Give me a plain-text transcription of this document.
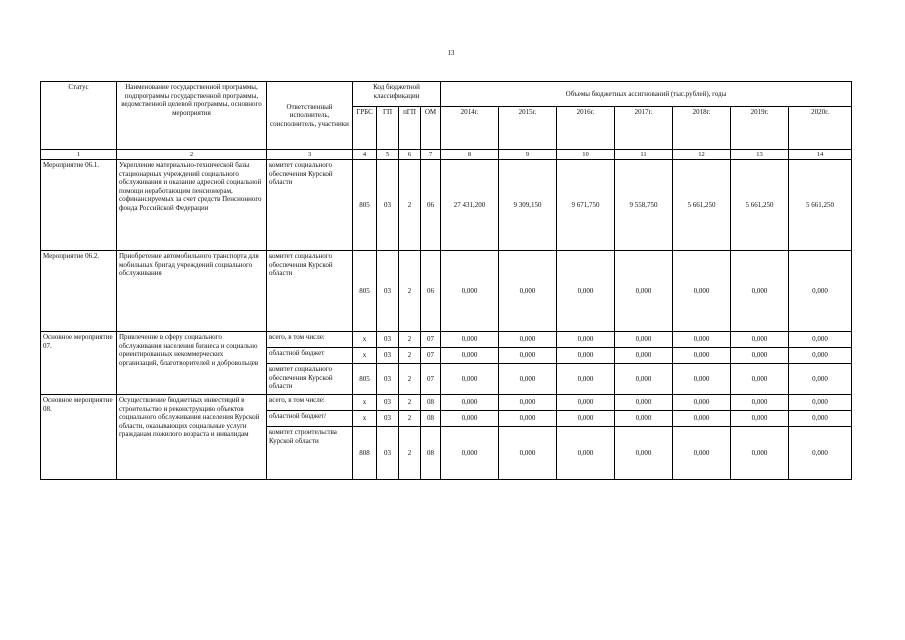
13
Статус	Наименование государственной программы, подпрограммы государственной программы, ведомственной целевой программы, основного мероприятия	Ответственный исполнитель, соисполнитель, участники	Код бюджетной классификации				Объемы бюджетных ассигнований (тыс.рублей), годы						
			ГРБС	ГП	пГП	ОМ	2014г.	2015г.	2016г.	2017г.	2018г.	2019г.	2020г.
1	2	3	4	5	6	7	8	9	10	11	12	13	14
Мероприятие 06.1.	Укрепление материально-технической базы стационарных учреждений социального обслуживания и оказание адресной социальной помощи неработающим пенсионерам, софинансируемых за счет средств Пенсионного фонда Российской Федерации	комитет социального обеспечения Курской области	805	03	2	06	27 431,200	9 309,150	9 671,750	9 558,750	5 661,250	5 661,250	5 661,250
Мероприятие 06.2.	Приобретение автомобильного транспорта для мобильных бригад учреждений социального обслуживания	комитет социального обеспечения Курской области	805	03	2	06	0,000	0,000	0,000	0,000	0,000	0,000	0,000
Основное мероприятие 07.	Привлечение в сферу социального обслуживания населения бизнеса и социально ориентированных некоммерческих организаций, благотворителей и добровольцев	всего, в том числе:	x	03	2	07	0,000	0,000	0,000	0,000	0,000	0,000	0,000
		областной бюджет	x	03	2	07	0,000	0,000	0,000	0,000	0,000	0,000	0,000
		комитет социального обеспечения Курской области	805	03	2	07	0,000	0,000	0,000	0,000	0,000	0,000	0,000
Основное мероприятие 08.	Осуществление бюджетных инвестиций в строительство и реконструкцию объектов социального обслуживания населения Курской области, оказывающих социальные услуги гражданам пожилого возраста и инвалидам	всего, в том числе:	x	03	2	08	0,000	0,000	0,000	0,000	0,000	0,000	0,000
		областной бюджет/	x	03	2	08	0,000	0,000	0,000	0,000	0,000	0,000	0,000
		комитет строительства Курской области	808	03	2	08	0,000	0,000	0,000	0,000	0,000	0,000	0,000
